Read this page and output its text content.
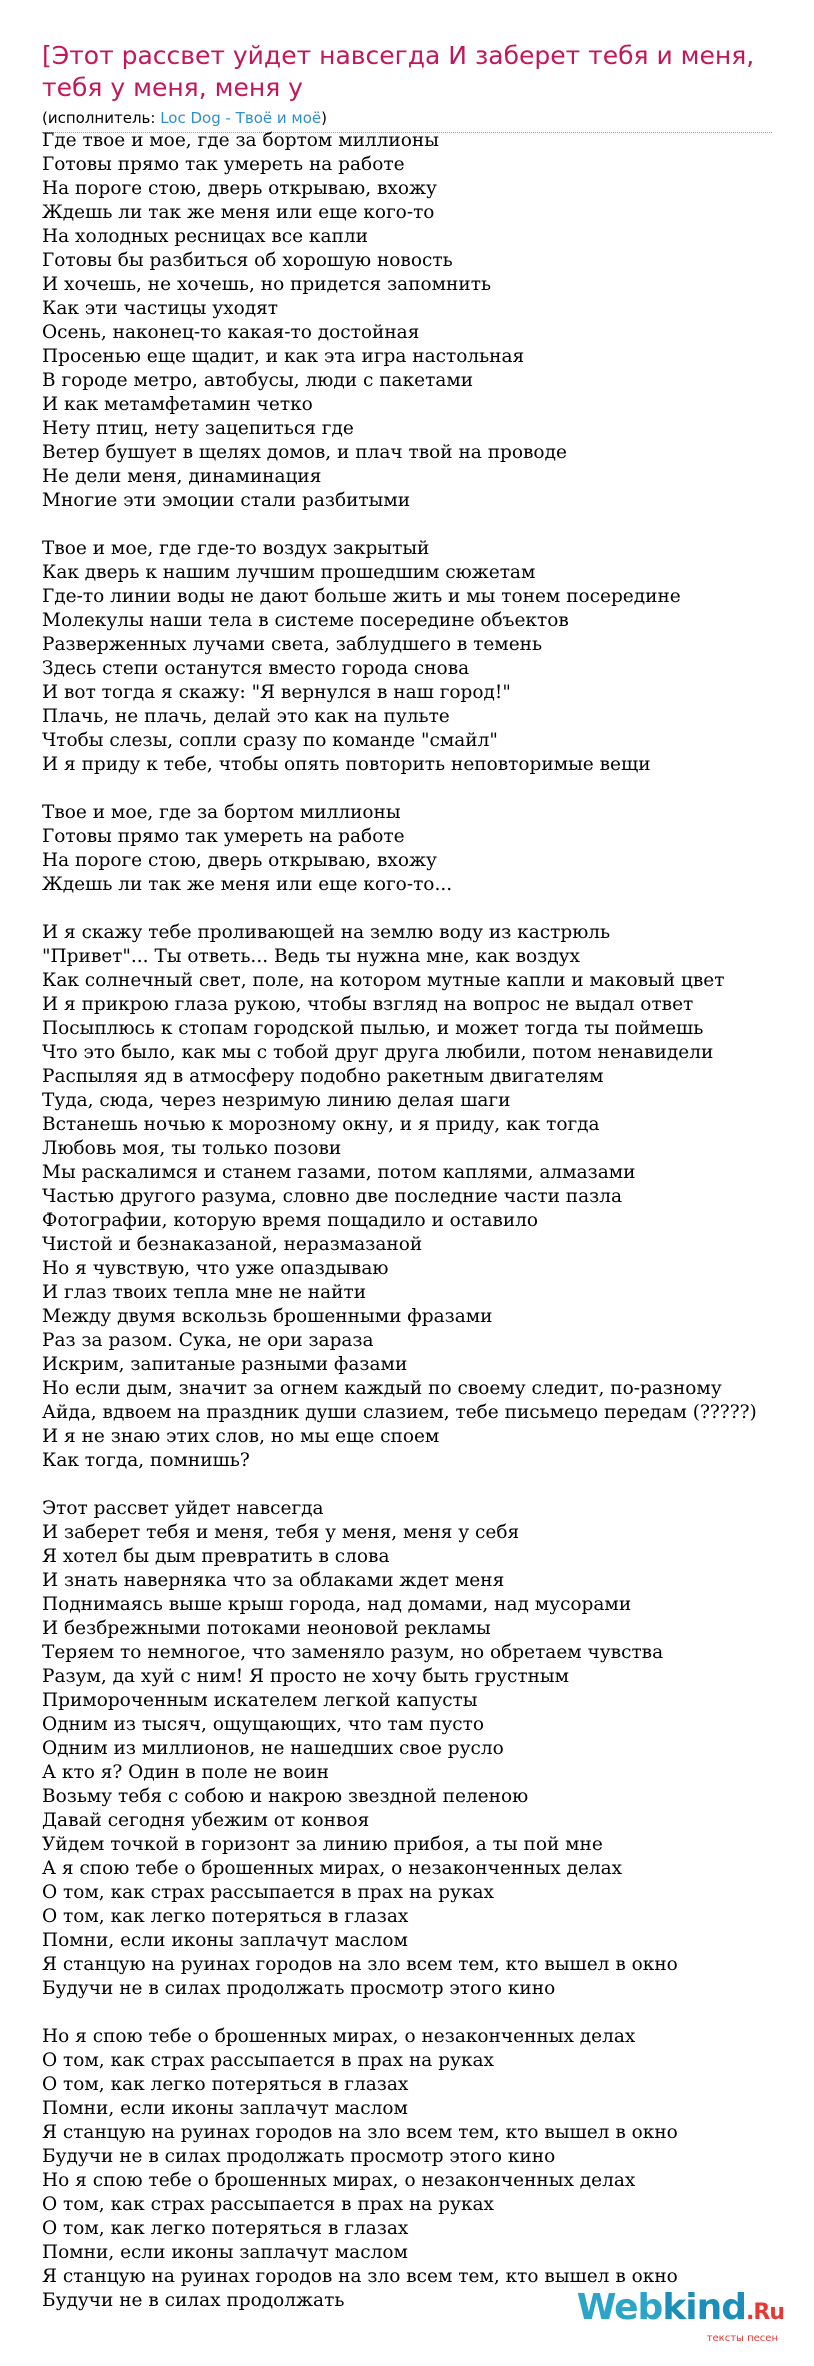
[Этот рассвет уйдет навсегда И заберет тебя и меня, тебя у меня, меня у
(исполнитель: Loc Dog - Твоё и моё)
Где твое и мое, где за бортом миллионы
Готовы прямо так умереть на работе
На пороге стою, дверь открываю, вхожу
Ждешь ли так же меня или еще кого-то
На холодных ресницах все капли
Готовы бы разбиться об хорошую новость
И хочешь, не хочешь, но придется запомнить
Как эти частицы уходят
Осень, наконец-то какая-то достойная
Просенью еще щадит, и как эта игра настольная
В городе метро, автобусы, люди с пакетами
И как метамфетамин четко
Нету птиц, нету зацепиться где
Ветер бушует в щелях домов, и плач твой на проводе
Не дели меня, динаминация
Многие эти эмоции стали разбитыми
Твое и мое, где где-то воздух закрытый
Как дверь к нашим лучшим прошедшим сюжетам
Где-то линии воды не дают больше жить и мы тонем посередине
Молекулы наши тела в системе посередине объектов
Разверженных лучами света, заблудшего в темень
Здесь степи останутся вместо города снова
И вот тогда я скажу: "Я вернулся в наш город!"
Плачь, не плачь, делай это как на пульте
Чтобы слезы, сопли сразу по команде "смайл"
И я приду к тебе, чтобы опять повторить неповторимые вещи
Твое и мое, где за бортом миллионы
Готовы прямо так умереть на работе
На пороге стою, дверь открываю, вхожу
Ждешь ли так же меня или еще кого-то...
И я скажу тебе проливающей на землю воду из кастрюль
"Привет"... Ты ответь... Ведь ты нужна мне, как воздух
Как солнечный свет, поле, на котором мутные капли и маковый цвет
И я прикрою глаза рукою, чтобы взгляд на вопрос не выдал ответ
Посыплюсь к стопам городской пылью, и может тогда ты поймешь
Что это было, как мы с тобой друг друга любили, потом ненавидели
Распыляя яд в атмосферу подобно ракетным двигателям
Туда, сюда, через незримую линию делая шаги
Встанешь ночью к морозному окну, и я приду, как тогда
Любовь моя, ты только позови
Мы раскалимся и станем газами, потом каплями, алмазами
Частью другого разума, словно две последние части пазла
Фотографии, которую время пощадило и оставило
Чистой и безнаказаной, неразмазаной
Но я чувствую, что уже опаздываю
И глаз твоих тепла мне не найти
Между двумя вскользь брошенными фразами
Раз за разом. Сука, не ори зараза
Искрим, запитаные разными фазами
Но если дым, значит за огнем каждый по своему следит, по-разному
Айда, вдвоем на праздник души слазием, тебе письмецо передам (?????)
И я не знаю этих слов, но мы еще споем
Как тогда, помнишь?
Этот рассвет уйдет навсегда
И заберет тебя и меня, тебя у меня, меня у себя
Я хотел бы дым превратить в слова
И знать наверняка что за облаками ждет меня
Поднимаясь выше крыш города, над домами, над мусорами
И безбрежными потоками неоновой рекламы
Теряем то немногое, что заменяло разум, но обретаем чувства
Разум, да хуй с ним! Я просто не хочу быть грустным
Примороченным искателем легкой капусты
Одним из тысяч, ощущающих, что там пусто
Одним из миллионов, не нашедших свое русло
А кто я? Один в поле не воин
Возьму тебя с собою и накрою звездной пеленою
Давай сегодня убежим от конвоя
Уйдем точкой в горизонт за линию прибоя, а ты пой мне
А я спою тебе о брошенных мирах, о незаконченных делах
О том, как страх рассыпается в прах на руках
О том, как легко потеряться в глазах
Помни, если иконы заплачут маслом
Я станцую на руинах городов на зло всем тем, кто вышел в окно
Будучи не в силах продолжать просмотр этого кино
Но я спою тебе о брошенных мирах, о незаконченных делах
О том, как страх рассыпается в прах на руках
О том, как легко потеряться в глазах
Помни, если иконы заплачут маслом
Я станцую на руинах городов на зло всем тем, кто вышел в окно
Будучи не в силах продолжать просмотр этого кино
Но я спою тебе о брошенных мирах, о незаконченных делах
О том, как страх рассыпается в прах на руках
О том, как легко потеряться в глазах
Помни, если иконы заплачут маслом
Я станцую на руинах городов на зло всем тем, кто вышел в окно
Будучи не в силах продолжать	Webkind.Ru
тексты песен
